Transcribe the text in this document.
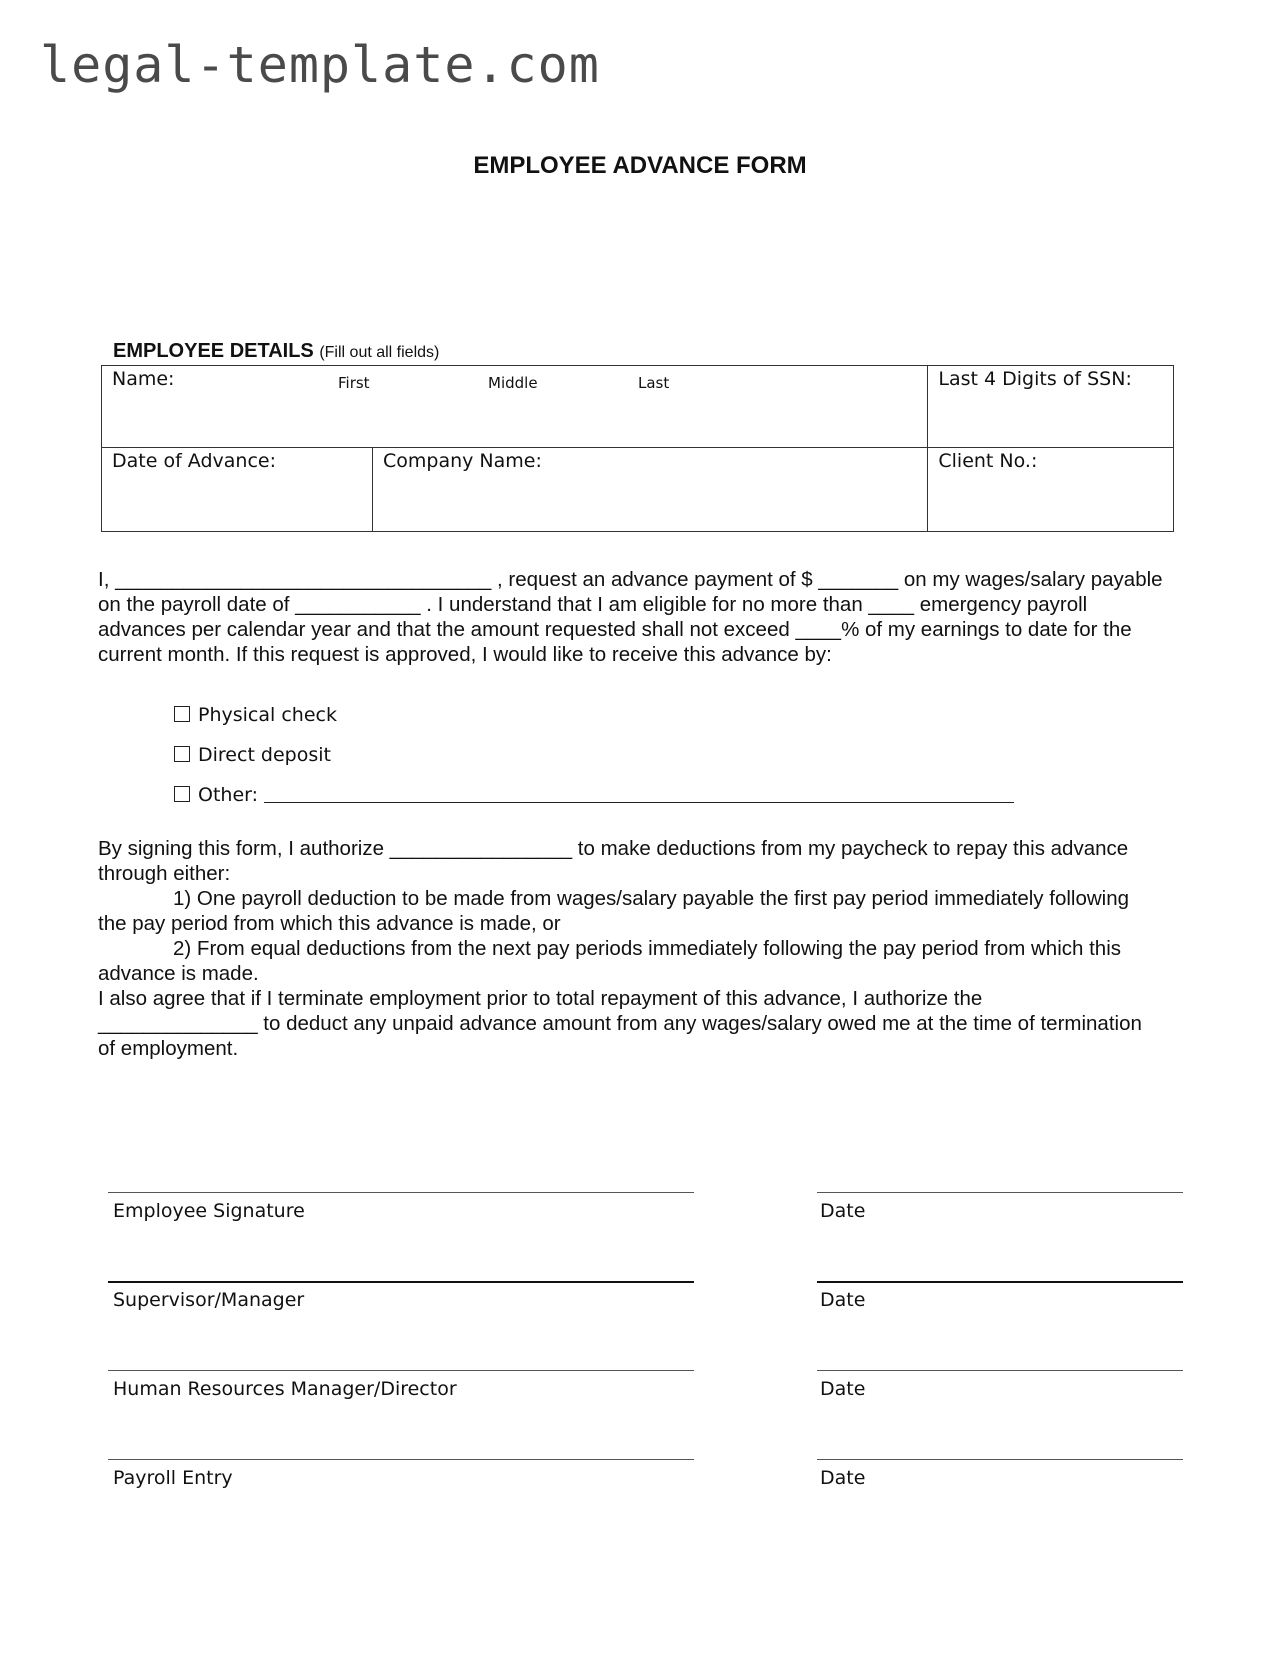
legal-template.com
EMPLOYEE ADVANCE FORM
EMPLOYEE DETAILS (Fill out all fields)
Name: First Middle Last		Last 4 Digits of SSN:
Date of Advance:	Company Name:	Client No.:
I, _________________________________ , request an advance payment of $ _______ on my wages/salary payable
on the payroll date of ___________ . I understand that I am eligible for no more than ____ emergency payroll
advances per calendar year and that the amount requested shall not exceed ____% of my earnings to date for the
current month. If this request is approved, I would like to receive this advance by:
Physical check
Direct deposit
Other:
By signing this form, I authorize ________________ to make deductions from my paycheck to repay this advance
through either:
1) One payroll deduction to be made from wages/salary payable the first pay period immediately following
the pay period from which this advance is made, or
2) From equal deductions from the next pay periods immediately following the pay period from which this
advance is made.
I also agree that if I terminate employment prior to total repayment of this advance, I authorize the
______________ to deduct any unpaid advance amount from any wages/salary owed me at the time of termination
of employment.
Employee Signature	Date
Supervisor/Manager	Date
Human Resources Manager/Director	Date
Payroll Entry	Date
